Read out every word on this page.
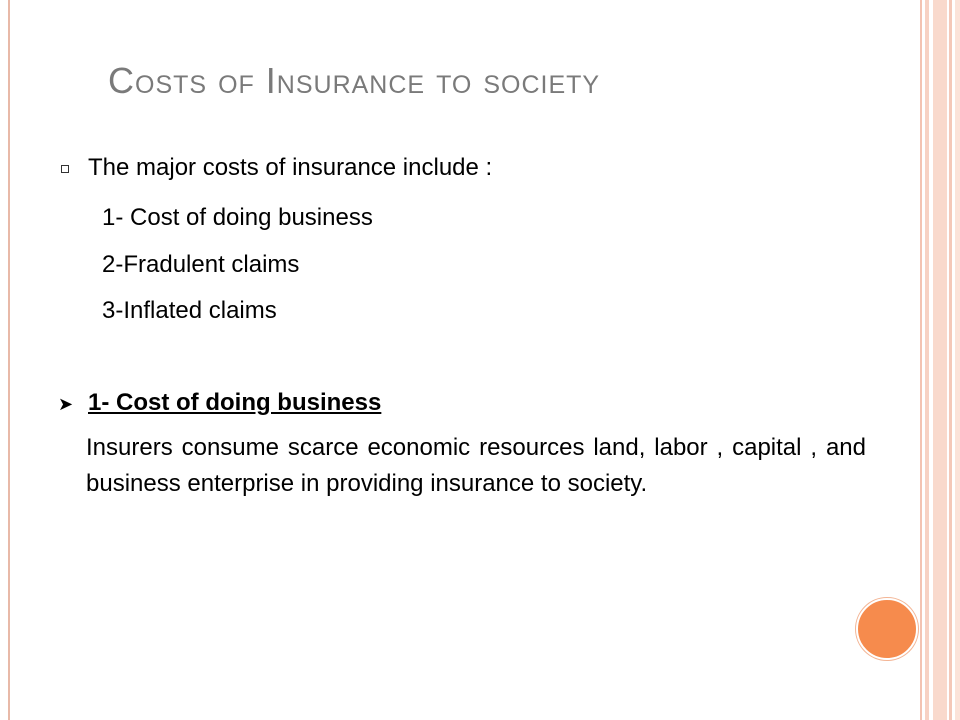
Costs of Insurance to society
The major costs of insurance include :
1- Cost of doing business
2-Fradulent claims
3-Inflated claims
➤ 1- Cost of doing business
Insurers consume scarce economic resources land, labor , capital , and business enterprise in providing insurance to society.
